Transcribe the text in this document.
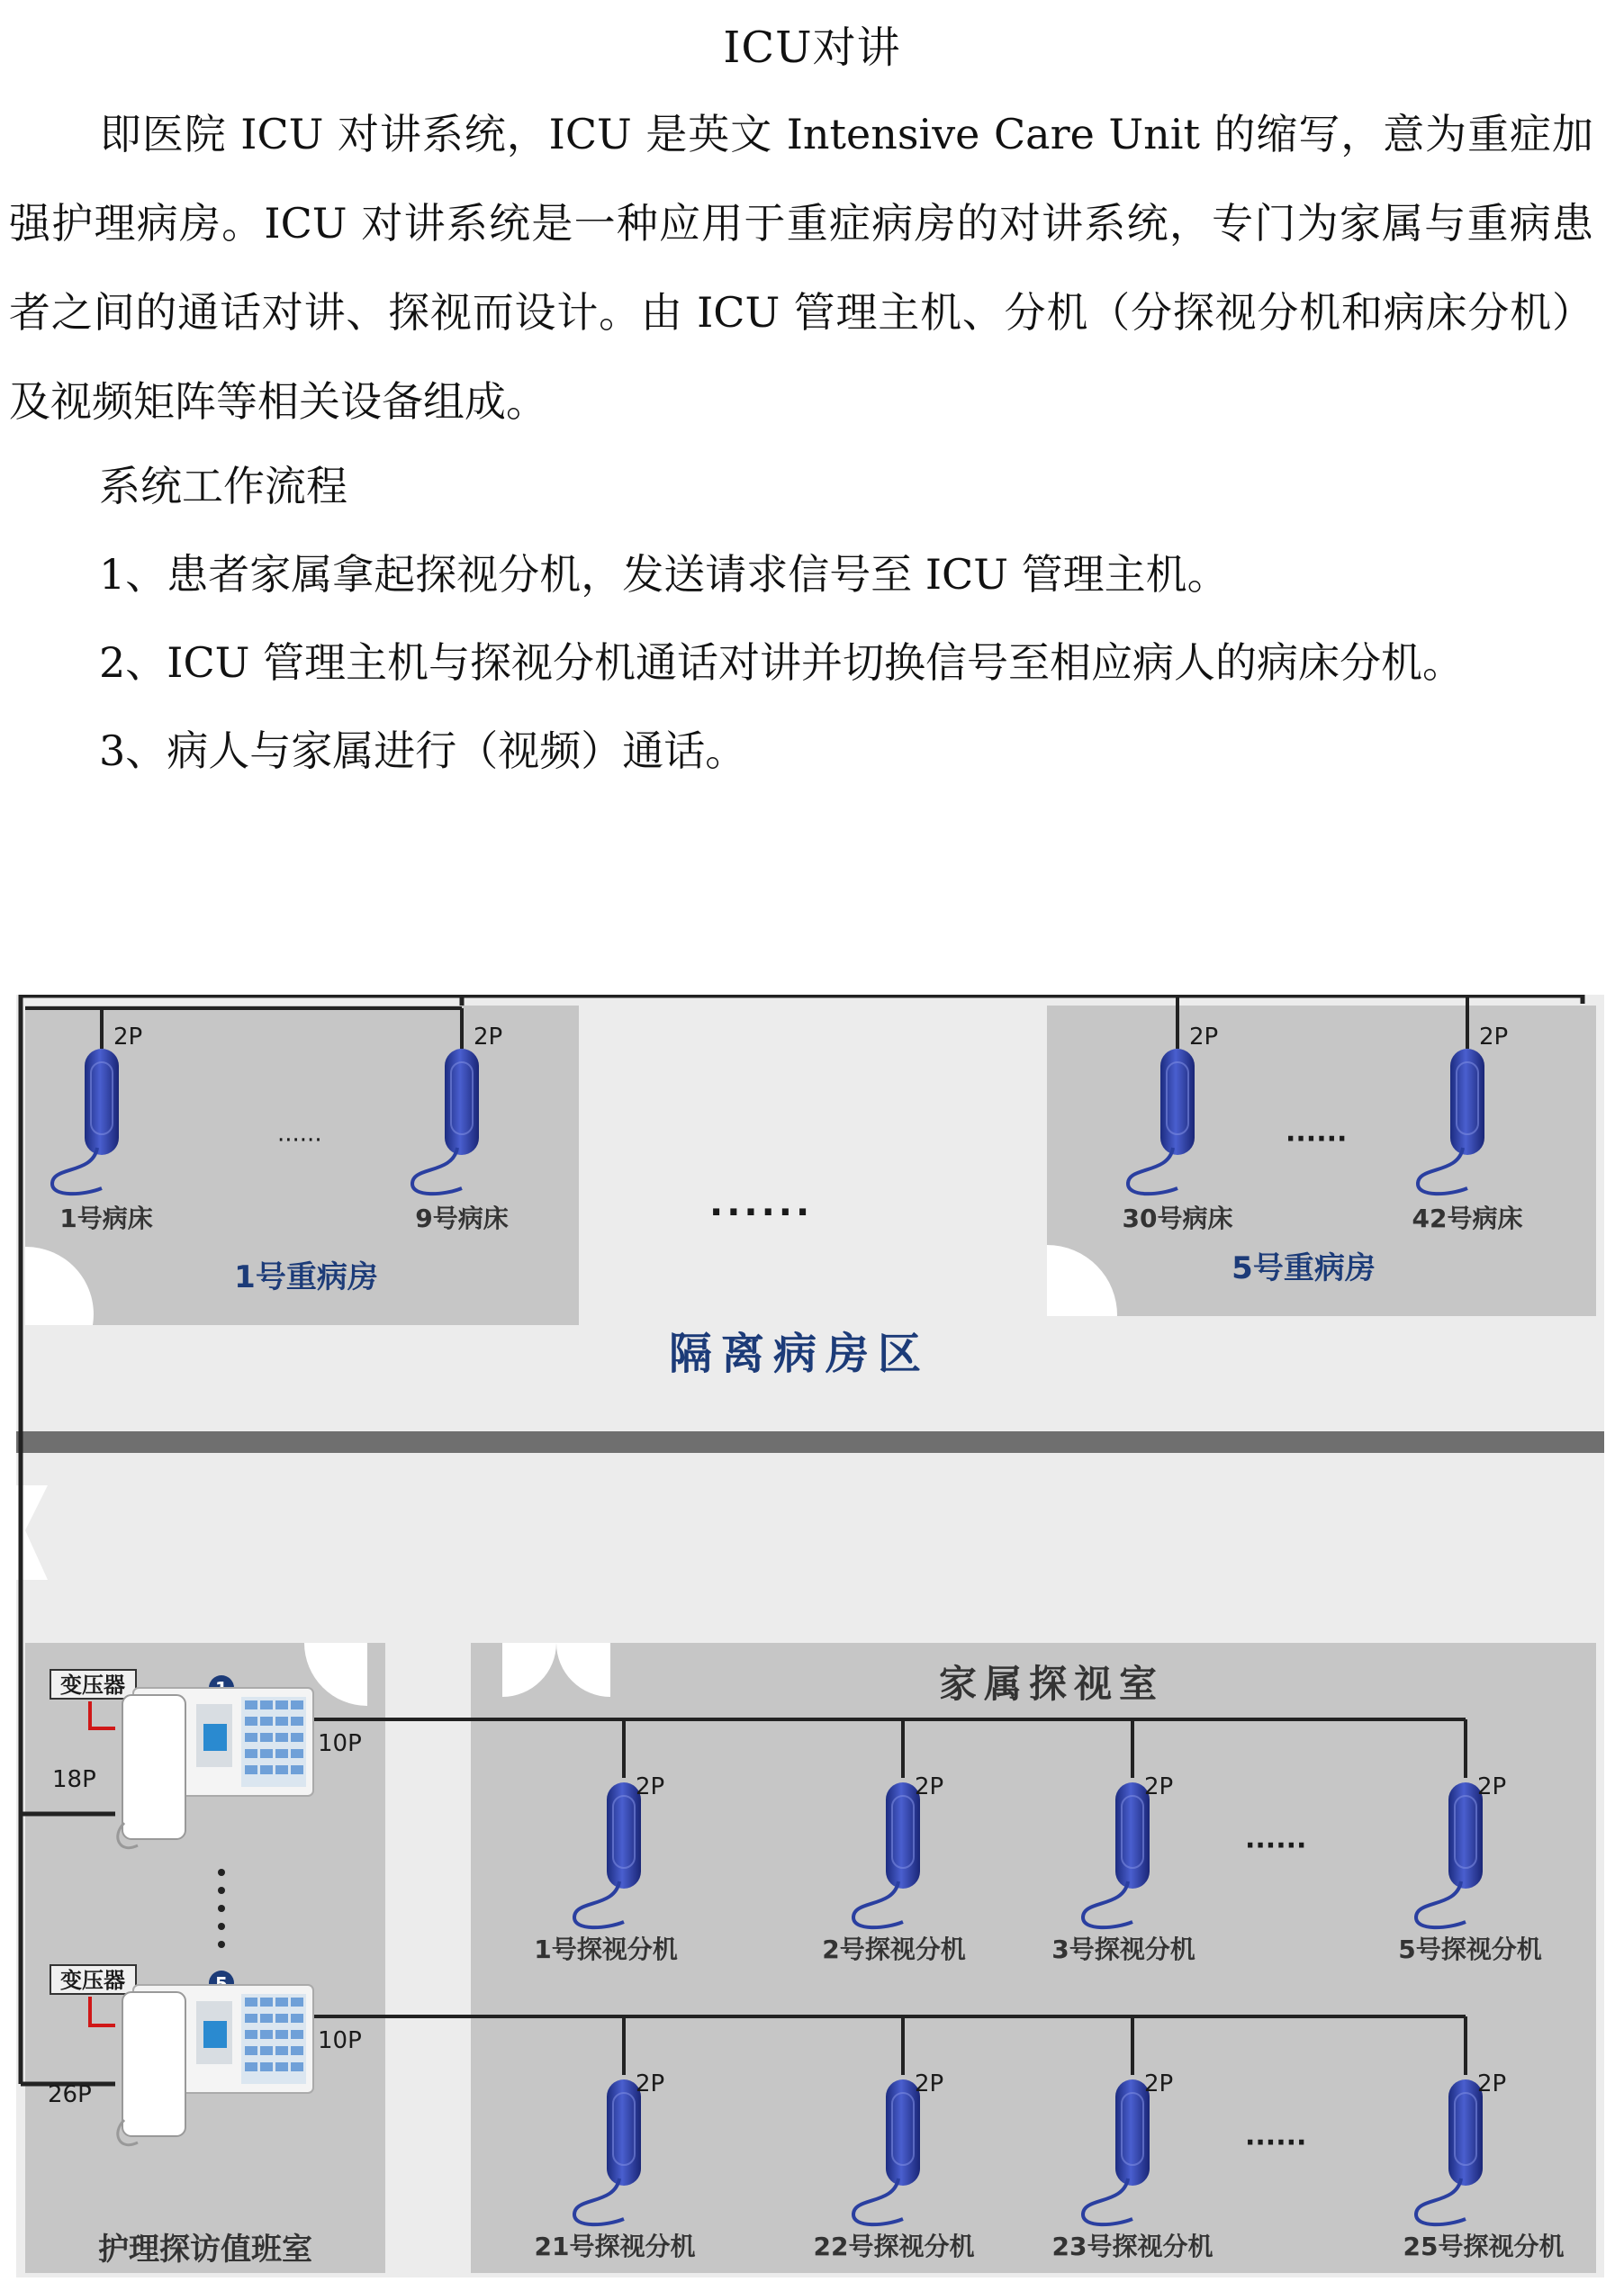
ICU对讲
即医院 ICU 对讲系统，ICU 是英文 Intensive Care Unit 的缩写，意为重症加强护理病房。ICU 对讲系统是一种应用于重症病房的对讲系统，专门为家属与重病患者之间的通话对讲、探视而设计。由 ICU 管理主机、分机（分探视分机和病床分机）及视频矩阵等相关设备组成。
系统工作流程
1、患者家属拿起探视分机，发送请求信号至 ICU 管理主机。
2、ICU 管理主机与探视分机通话对讲并切换信号至相应病人的病床分机。
3、病人与家属进行（视频）通话。
2P	2P	2P	2P
······	······
······
1号病床	9号病床	30号病床	42号病床
1号重病房	5号重病房
隔离病房区
变压器
10P
18P
变压器
10P
26P
护理探访值班室
家属探视室
2P	2P	2P	2P
······
1号探视分机	2号探视分机	3号探视分机	5号探视分机
2P	2P	2P	2P
······
21号探视分机	22号探视分机	23号探视分机	25号探视分机
